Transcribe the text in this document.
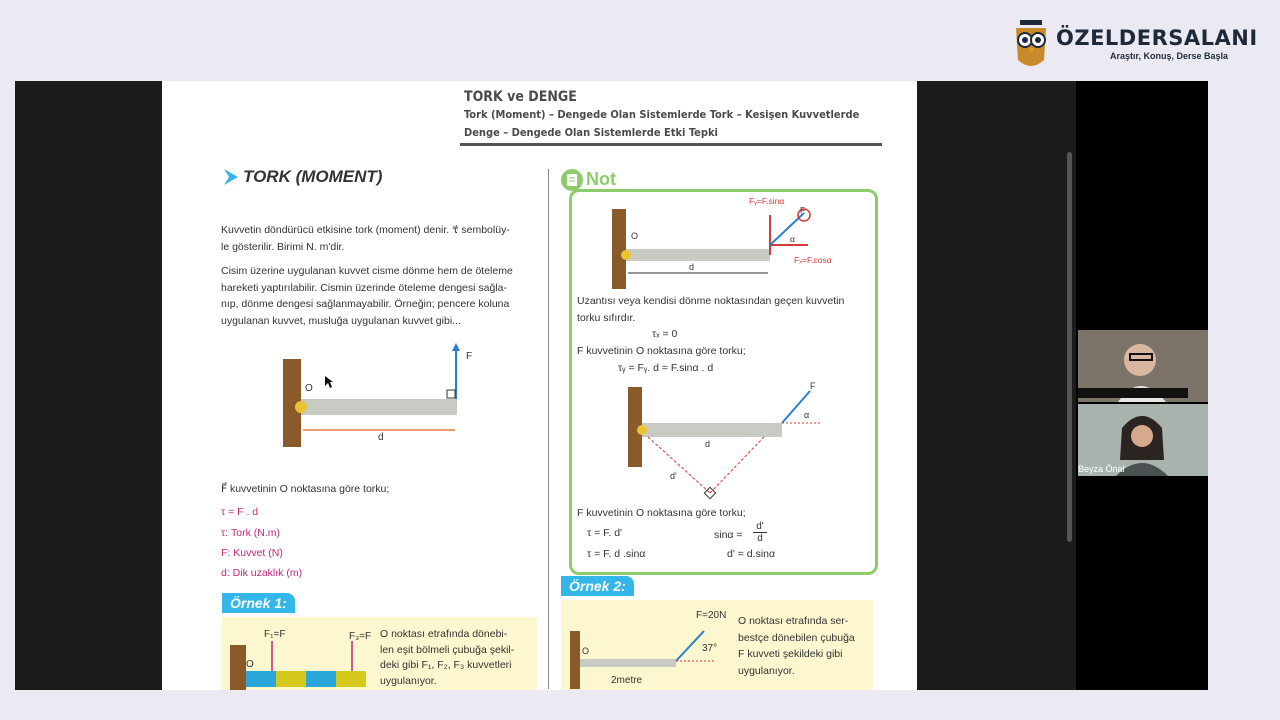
ÖZELDERSALANI
Araştır, Konuş, Derse Başla
TORK ve DENGE
Tork (Moment) – Dengede Olan Sistemlerde Tork – Kesişen Kuvvetlerde
Denge – Dengede Olan Sistemlerde Etki Tepki
TORK (MOMENT)
Kuvvetin döndürücü etkisine tork (moment) denir. τ⃗ sembolüy-
le gösterilir. Birimi N. m'dir.
Cisim üzerine uygulanan kuvvet cisme dönme hem de öteleme
hareketi yaptırılabilir. Cismin üzerinde öteleme dengesi sağla-
nıp, dönme dengesi sağlanmayabilir. Örneğin; pencere koluna
uygulanan kuvvet, musluğa uygulanan kuvvet gibi...
O
F
d
F⃗ kuvvetinin O noktasına göre torku;
τ = F . d
τ: Tork (N.m)
F: Kuvvet (N)
d: Dik uzaklık (m)
Örnek 1:
F₁=F	F₃=F
O
O noktası etrafında dönebi-
len eşit bölmeli çubuğa şekil-
deki gibi F₁, F₂, F₃ kuvvetleri
uygulanıyor.
Not
O
d
Fᵧ=F.sinα
Fₓ=F.cosα
F
α
Uzantısı veya kendisi dönme noktasından geçen kuvvetin
torku sıfırdır.
τₓ = 0
F kuvvetinin O noktasına göre torku;
τᵧ = Fᵧ. d = F.sinα . d
F
α
d
d'
F kuvvetinin O noktasına göre torku;
τ = F. d'
τ = F. d .sinα
sinα =
d'
d
d' = d.sinα
Örnek 2:
F=20N
37°
2metre
O
O noktası etrafında ser-
bestçe dönebilen çubuğa
F kuvveti şekildeki gibi
uygulanıyor.
Beyza Önal
